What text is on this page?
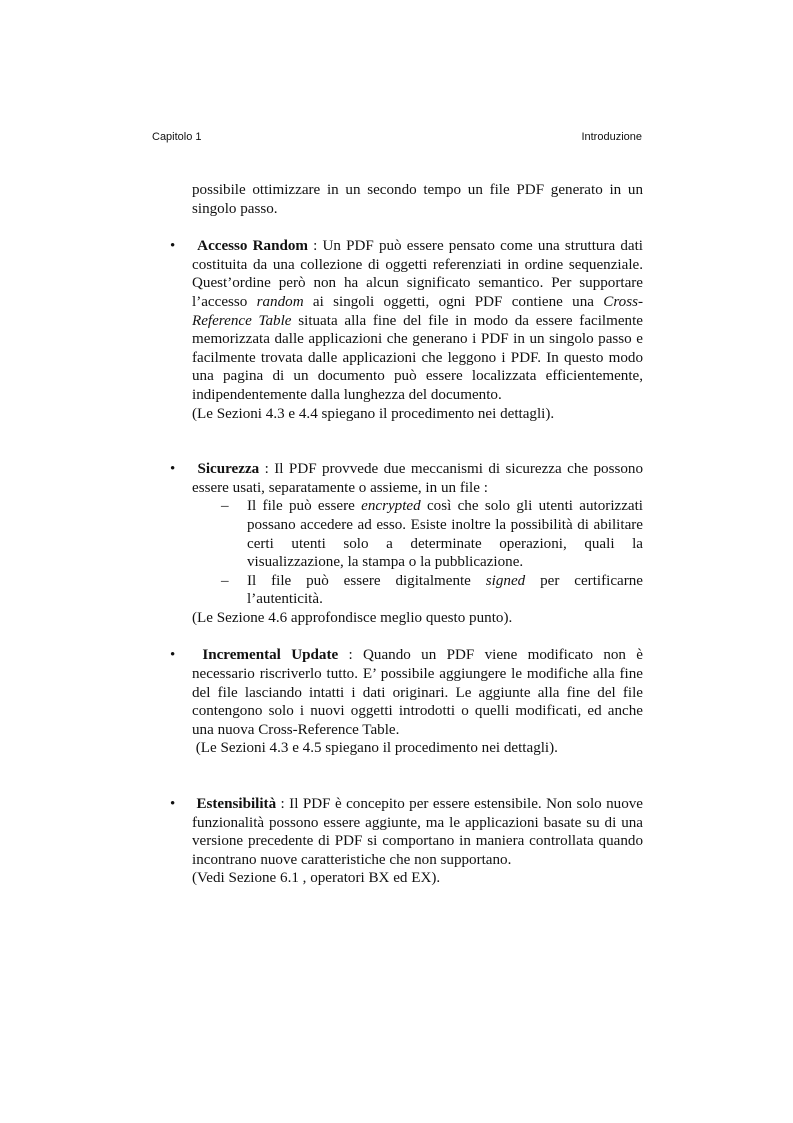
Capitolo 1	Introduzione

possibile ottimizzare in un secondo tempo un file PDF generato in un singolo passo.

•	Accesso Random : Un PDF può essere pensato come una struttura dati costituita da una collezione di oggetti referenziati in ordine sequenziale. Quest’ordine però non ha alcun significato semantico. Per supportare l’accesso random ai singoli oggetti, ogni PDF contiene una Cross-Reference Table situata alla fine del file in modo da essere facilmente memorizzata dalle applicazioni che generano i PDF in un singolo passo e facilmente trovata dalle applicazioni che leggono i PDF. In questo modo una pagina di un documento può essere localizzata efficientemente, indipendentemente dalla lunghezza del documento.

(Le Sezioni 4.3 e 4.4 spiegano il procedimento nei dettagli).

•	Sicurezza : Il PDF provvede due meccanismi di sicurezza che possono essere usati, separatamente o assieme, in un file :

– Il file può essere encrypted così che solo gli utenti autorizzati possano accedere ad esso. Esiste inoltre la possibilità di abilitare certi utenti solo a determinate operazioni, quali la visualizzazione, la stampa o la pubblicazione.

– Il file può essere digitalmente signed per certificarne l’autenticità.

(Le Sezione 4.6 approfondisce meglio questo punto).

•	Incremental Update : Quando un PDF viene modificato non è necessario riscriverlo tutto. E’ possibile aggiungere le modifiche alla fine del file lasciando intatti i dati originari. Le aggiunte alla fine del file contengono solo i nuovi oggetti introdotti o quelli modificati, ed anche una nuova Cross-Reference Table.

(Le Sezioni 4.3 e 4.5 spiegano il procedimento nei dettagli).

• Estensibilità : Il PDF è concepito per essere estensibile. Non solo nuove funzionalità possono essere aggiunte, ma le applicazioni basate su di una versione precedente di PDF si comportano in maniera controllata quando incontrano nuove caratteristiche che non supportano.

(Vedi Sezione 6.1 , operatori BX ed EX).
